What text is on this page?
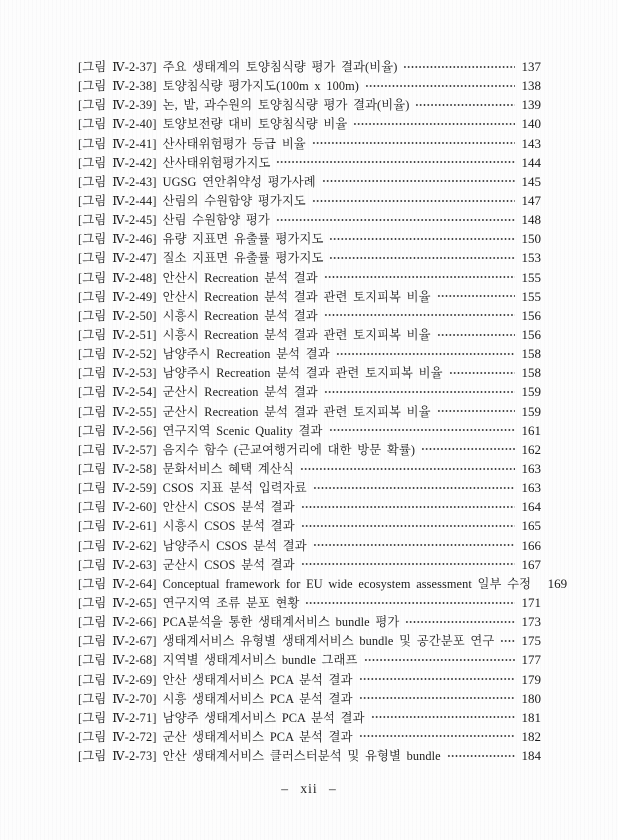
[그림 Ⅳ-2-37] 주요 생태계의 토양침식량 평가 결과(비율)	137
[그림 Ⅳ-2-38] 토양침식량 평가지도(100m x 100m)	138
[그림 Ⅳ-2-39] 논, 밭, 과수원의 토양침식량 평가 결과(비율)	139
[그림 Ⅳ-2-40] 토양보전량 대비 토양침식량 비율	140
[그림 Ⅳ-2-41] 산사태위험평가 등급 비율	143
[그림 Ⅳ-2-42] 산사태위험평가지도	144
[그림 Ⅳ-2-43] UGSG 연안취약성 평가사례	145
[그림 Ⅳ-2-44] 산림의 수원함양 평가지도	147
[그림 Ⅳ-2-45] 산림 수원함양 평가	148
[그림 Ⅳ-2-46] 유량 지표면 유출률 평가지도	150
[그림 Ⅳ-2-47] 질소 지표면 유출률 평가지도	153
[그림 Ⅳ-2-48] 안산시 Recreation 분석 결과	155
[그림 Ⅳ-2-49] 안산시 Recreation 분석 결과 관련 토지피복 비율	155
[그림 Ⅳ-2-50] 시흥시 Recreation 분석 결과	156
[그림 Ⅳ-2-51] 시흥시 Recreation 분석 결과 관련 토지피복 비율	156
[그림 Ⅳ-2-52] 남양주시 Recreation 분석 결과	158
[그림 Ⅳ-2-53] 남양주시 Recreation 분석 결과 관련 토지피복 비율	158
[그림 Ⅳ-2-54] 군산시 Recreation 분석 결과	159
[그림 Ⅳ-2-55] 군산시 Recreation 분석 결과 관련 토지피복 비율	159
[그림 Ⅳ-2-56] 연구지역 Scenic Quality 결과	161
[그림 Ⅳ-2-57] 음지수 함수 (근교여행거리에 대한 방문 확률)	162
[그림 Ⅳ-2-58] 문화서비스 혜택 계산식	163
[그림 Ⅳ-2-59] CSOS 지표 분석 입력자료	163
[그림 Ⅳ-2-60] 안산시 CSOS 분석 결과	164
[그림 Ⅳ-2-61] 시흥시 CSOS 분석 결과	165
[그림 Ⅳ-2-62] 남양주시 CSOS 분석 결과	166
[그림 Ⅳ-2-63] 군산시 CSOS 분석 결과	167
[그림 Ⅳ-2-64] Conceptual framework for EU wide ecosystem assessment 일부 수정 169
[그림 Ⅳ-2-65] 연구지역 조류 분포 현황	171
[그림 Ⅳ-2-66] PCA분석을 통한 생태계서비스 bundle 평가	173
[그림 Ⅳ-2-67] 생태계서비스 유형별 생태계서비스 bundle 및 공간분포 연구 175
[그림 Ⅳ-2-68] 지역별 생태계서비스 bundle 그래프	177
[그림 Ⅳ-2-69] 안산 생태계서비스 PCA 분석 결과	179
[그림 Ⅳ-2-70] 시흥 생태계서비스 PCA 분석 결과	180
[그림 Ⅳ-2-71] 남양주 생태계서비스 PCA 분석 결과	181
[그림 Ⅳ-2-72] 군산 생태계서비스 PCA 분석 결과	182
[그림 Ⅳ-2-73] 안산 생태계서비스 클러스터분석 및 유형별 bundle	184
– xii –
